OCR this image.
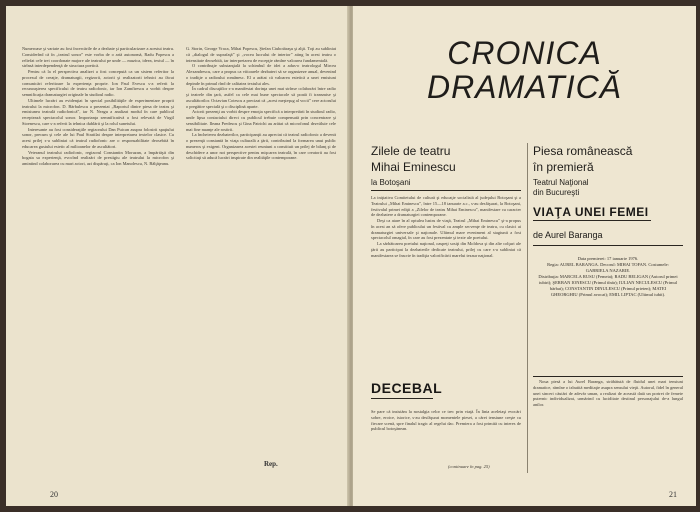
Numeroase şi variate au fost încercările de a dezbate şi particularizare a acestui teatru. Considerînd că în „teatrul sonor” este vorba de o artă autonomă, Radu Popescu a reliefat cele trei coordonate majore ale teatrului pe unde — muzica, ideea, textul — în strînsă interdependenţă de structura poetică.

Pentru că la el perspectiva analizei a fost concepută ca un sistem referitor la procesul de creaţie, dramaturgii, regizorii, actorii şi realizatorii tehnici au făcut comunicări referitoare la experienţa proprie. Ion Paul Evescu s-a referit la recunoaşterea specificului de teatru radiofonic, iar Ion Zamfirescu a vorbit despre semnificaţia dramaturgiei originale în studioul radio.

Ultimele lucrări au evidenţiat în special posibilităţile de experimentare proprii teatrului la microfon. D. Bărbulescu a prezentat „Raportul dintre piesa de teatru şi emisiunea teatrală radiofonică”, iar N. Neagu a analizat modul în care publicul receptează spectacolul sonor. Importanţa semnificativă a fost relevată de Virgil Stoenescu, care s-a referit la tehnica dublării şi la rolul sunetului.

Interesante au fost consideraţiile regizorului Dan Puican asupra folosirii spaţiului sonor, precum şi cele ale lui Paul Stratilat despre interpretarea textelor clasice. Cu acest prilej s-a subliniat că teatrul radiofonic are o responsabilitate deosebită în educarea gustului estetic al milioanelor de ascultători.

Veteranul teatrului radiofonic, regizorul Constantin Moruzan, a împărtăşit din bogata sa experienţă, evocînd realizări de prestigiu ale teatrului la microfon şi amintind colaborarea cu mari actori, azi dispăruţi, ca Ion Manolescu, N. Bălţăţeanu.

G. Storin, George Vraca, Mihai Popescu, Ştefan Ciubotăraşu şi alţii. Toţi au subliniat că „dialogul de suprafaţă” şi „vocea lucrului de interior” ating în acest teatru o intensitate deosebită, iar interpretarea de excepţie rămîne valoarea fundamentală.

O contribuţie substanţială la schimbul de idei a adus-o teatrologul Mircea Alexandrescu, care a propus ca viitoarele dezbateri să se organizeze anual, devenind o tradiţie a radioului românesc. El a arătat că valoarea estetică a unei emisiuni depinde în primul rînd de calitatea textului ales.

În cadrul discuţiilor s-a manifestat dorinţa unei mai strînse colaborări între radio şi teatrele din ţară, astfel ca cele mai bune spectacole să poată fi transmise şi ascultătorilor. Octavian Cotescu a precizat că „acest meşteşug al vocii” cere actorului o pregătire specială şi o disciplină aparte.

Actorii prezenţi au vorbit despre emoţia specifică a interpretării în studioul radio, unde lipsa contactului direct cu publicul trebuie compensată prin concentrare şi sensibilitate. Ileana Predescu şi Gina Patrichi au arătat că microfonul dezvăluie cele mai fine nuanţe ale rostirii.

La încheierea dezbaterilor, participanţii au apreciat că teatrul radiofonic a devenit o prezenţă constantă în viaţa culturală a ţării, contribuind la formarea unui public numeros şi exigent. Organizarea acestei reuniuni a constituit un prilej de bilanţ şi de deschidere a unor noi perspective pentru mişcarea teatrală, în care creatorii au fost solicitaţi să aducă lucrări inspirate din realităţile contemporane.

Rep.
20
CRONICA
DRAMATICĂ
Zilele de teatru
Mihai Eminescu
la Botoşani

La iniţiativa Comitetului de cultură şi educaţie socialistă al judeţului Botoşani şi a Teatrului „Mihai Eminescu”, între 15—18 ianuarie a.c., s-au desfăşurat, la Botoşani, festivalul primei ediţii a „Zilelor de teatru Mihai Eminescu”, manifestare cu caracter de dezbatere a dramaturgiei contemporane.

Deşi ca atare în al optulea lustru de viaţă, Teatrul „Mihai Eminescu” şi-a propus în acest an să ofere publicului un festival cu ample secvenţe de teatru, cu clasici ai dramaturgiei universale şi naţionale. Ultimul mare eveniment al stagiunii a fost spectacolul omagial, în care au fost prezentate şi texte ale poetului.

La sărbătoarea poetului naţional, oaspeţi sosiţi din Moldova şi din alte colţuri ale ţării au participat la dezbaterile dedicate teatrului, prilej cu care s-a subliniat că manifestarea se înscrie în tradiţia valorificării marelui tezaur naţional.

DECEBAL

Se pare că insistăm la nostalgia celor ce trec prin viaţă. În linia aceleiaşi evocări sobre, eroice, istorice, s-au desfăşurat momentele piesei, a cărei tensiune creşte cu fiecare scenă, spre finalul tragic al regelui dac. Premiera a fost primită cu interes de publicul botoşănean.

(continuare în pag. 25)
Piesa românească
în premieră
Teatrul Naţional
din Bucureşti
VIAŢA UNEI FEMEI
de Aurel Baranga

Data premierei: 17 ianuarie 1976.

Regia: AUREL BARANGA. Decorul: MIHAI TOFAN. Costumele: GABRIELA NAZARIE.

Distribuţia: MARCELA RUSU (Femeia); RADU BELIGAN (Autorul primei iubiri); ŞERBAN IONESCU (Primul tînăr); IULIAN NECULESCU (Primul bărbat); CONSTANTIN DINULESCU (Primul prieten); MATEI GHEORGHIU (Primul avocat); EMIL LIPTAC (Ultimul iubit).

Noua piesă a lui Aurel Baranga, străbătută de fluidul unei mari tensiuni dramatice, rămîne o izbutită meditaţie asupra sensului vieţii. Autorul, fidel în general unei sinceri căutări de adevăr uman, a realizat de această dată un portret de femeie puternic individualizat, urmărind cu luciditate destinul personajului de-a lungul anilor.

21
